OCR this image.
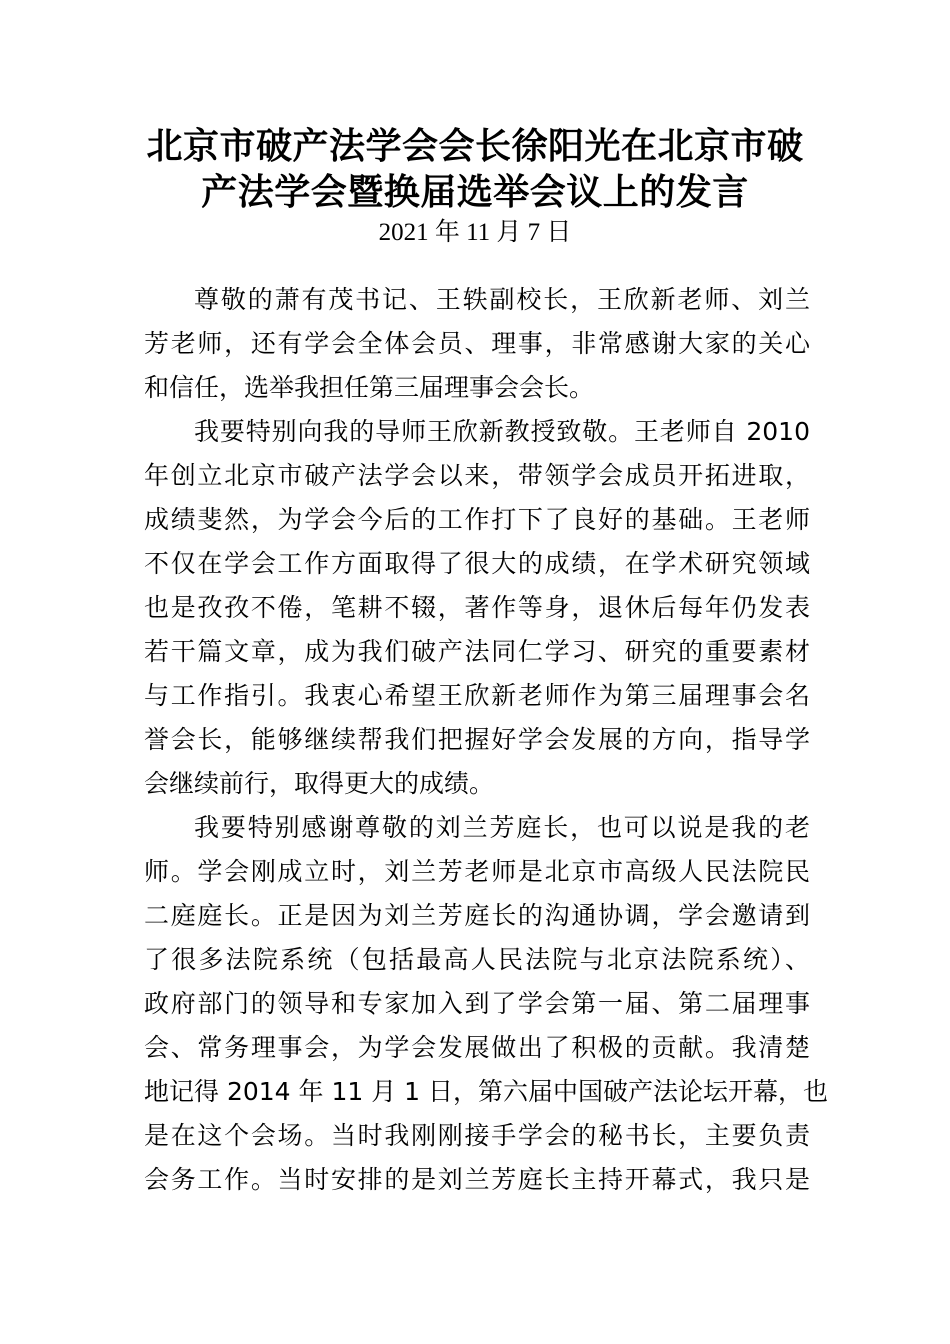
北京市破产法学会会长徐阳光在北京市破
产法学会暨换届选举会议上的发言

2021 年 11 月 7 日

尊敬的萧有茂书记、王轶副校长，王欣新老师、刘兰

芳老师，还有学会全体会员、理事，非常感谢大家的关心

和信任，选举我担任第三届理事会会长。

我要特别向我的导师王欣新教授致敬。王老师自 2010

年创立北京市破产法学会以来，带领学会成员开拓进取，

成绩斐然，为学会今后的工作打下了良好的基础。王老师

不仅在学会工作方面取得了很大的成绩，在学术研究领域

也是孜孜不倦，笔耕不辍，著作等身，退休后每年仍发表

若干篇文章，成为我们破产法同仁学习、研究的重要素材

与工作指引。我衷心希望王欣新老师作为第三届理事会名

誉会长，能够继续帮我们把握好学会发展的方向，指导学

会继续前行，取得更大的成绩。

我要特别感谢尊敬的刘兰芳庭长，也可以说是我的老

师。学会刚成立时，刘兰芳老师是北京市高级人民法院民

二庭庭长。正是因为刘兰芳庭长的沟通协调，学会邀请到

了很多法院系统（包括最高人民法院与北京法院系统）、

政府部门的领导和专家加入到了学会第一届、第二届理事

会、常务理事会，为学会发展做出了积极的贡献。我清楚

地记得 2014 年 11 月 1 日，第六届中国破产法论坛开幕，也

是在这个会场。当时我刚刚接手学会的秘书长，主要负责

会务工作。当时安排的是刘兰芳庭长主持开幕式，我只是
